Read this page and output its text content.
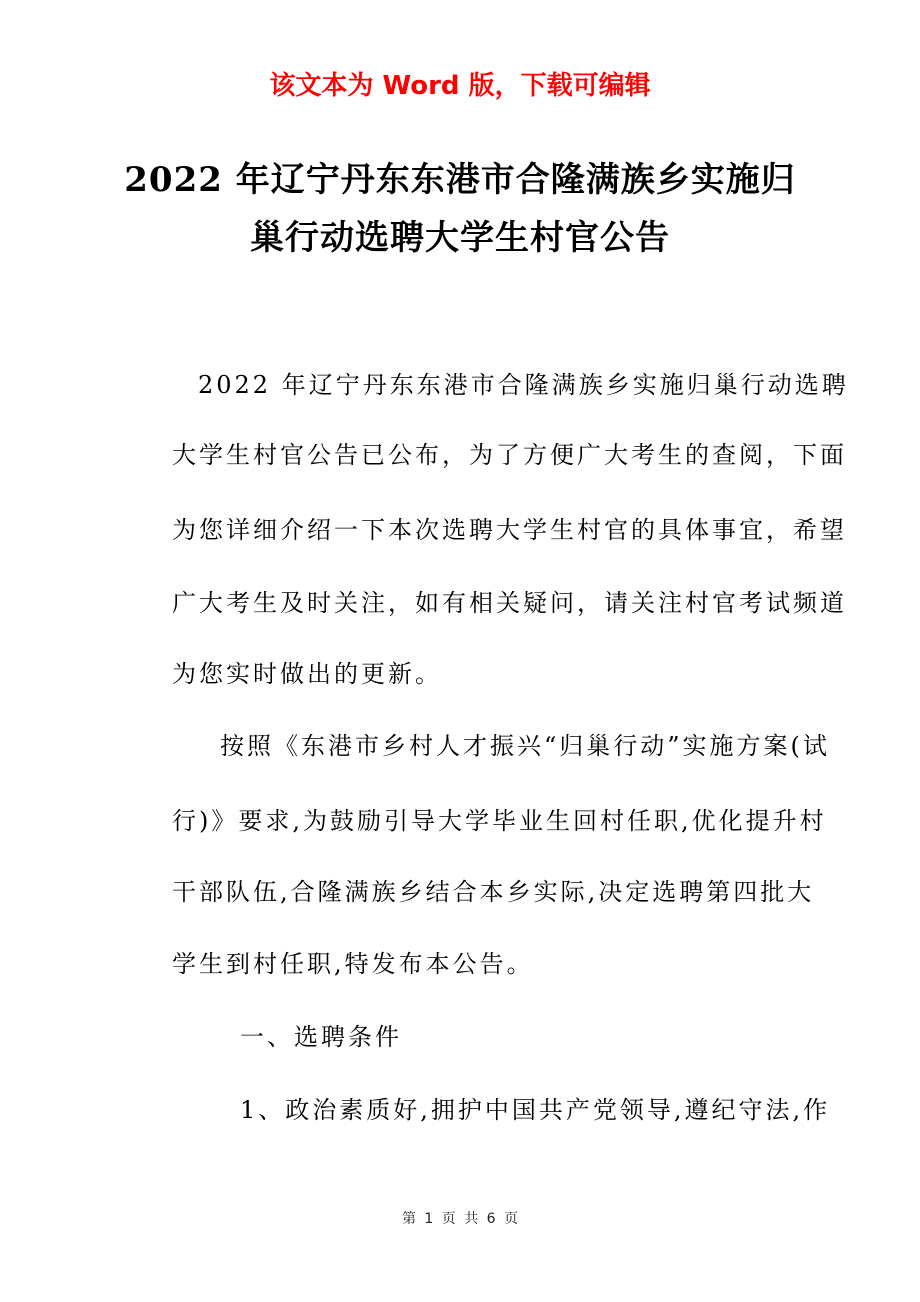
该文本为 Word 版，下载可编辑
2022 年辽宁丹东东港市合隆满族乡实施归
巢行动选聘大学生村官公告
2022 年辽宁丹东东港市合隆满族乡实施归巢行动选聘
大学生村官公告已公布，为了方便广大考生的查阅，下面
为您详细介绍一下本次选聘大学生村官的具体事宜，希望
广大考生及时关注，如有相关疑问，请关注村官考试频道
为您实时做出的更新。
按照《东港市乡村人才振兴“归巢行动”实施方案(试
行)》要求,为鼓励引导大学毕业生回村任职,优化提升村
干部队伍,合隆满族乡结合本乡实际,决定选聘第四批大
学生到村任职,特发布本公告。
一、选聘条件
1、政治素质好,拥护中国共产党领导,遵纪守法,作
第 1 页 共 6 页
